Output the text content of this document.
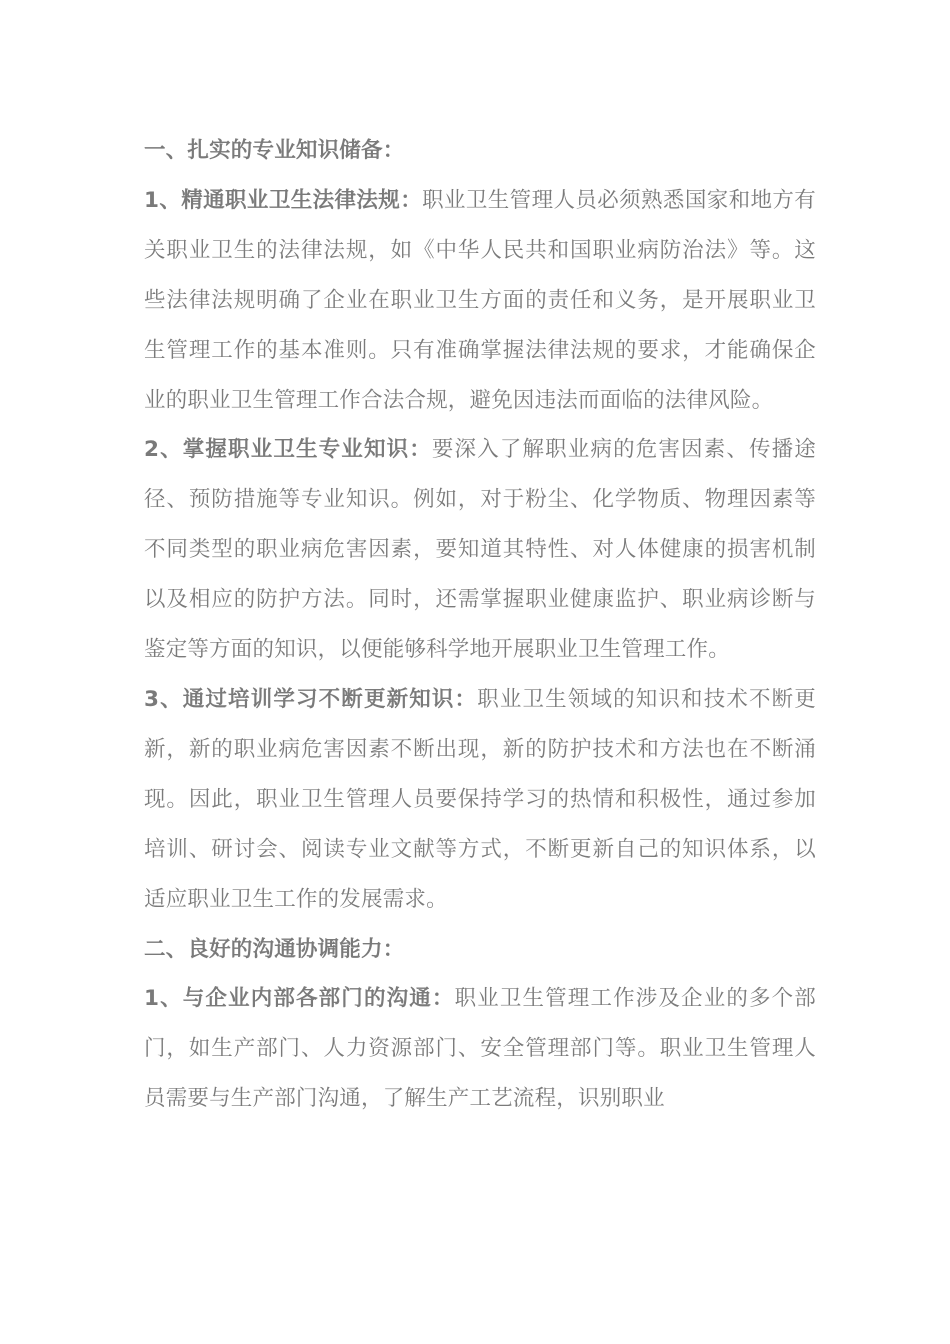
一、扎实的专业知识储备：

1、精通职业卫生法律法规：职业卫生管理人员必须熟悉国家和地方有关职业卫生的法律法规，如《中华人民共和国职业病防治法》等。这些法律法规明确了企业在职业卫生方面的责任和义务，是开展职业卫生管理工作的基本准则。只有准确掌握法律法规的要求，才能确保企业的职业卫生管理工作合法合规，避免因违法而面临的法律风险。

2、掌握职业卫生专业知识：要深入了解职业病的危害因素、传播途径、预防措施等专业知识。例如，对于粉尘、化学物质、物理因素等不同类型的职业病危害因素，要知道其特性、对人体健康的损害机制以及相应的防护方法。同时，还需掌握职业健康监护、职业病诊断与鉴定等方面的知识，以便能够科学地开展职业卫生管理工作。

3、通过培训学习不断更新知识：职业卫生领域的知识和技术不断更新，新的职业病危害因素不断出现，新的防护技术和方法也在不断涌现。因此，职业卫生管理人员要保持学习的热情和积极性，通过参加培训、研讨会、阅读专业文献等方式，不断更新自己的知识体系，以适应职业卫生工作的发展需求。

二、良好的沟通协调能力：

1、与企业内部各部门的沟通：职业卫生管理工作涉及企业的多个部门，如生产部门、人力资源部门、安全管理部门等。职业卫生管理人员需要与生产部门沟通，了解生产工艺流程，识别职业
